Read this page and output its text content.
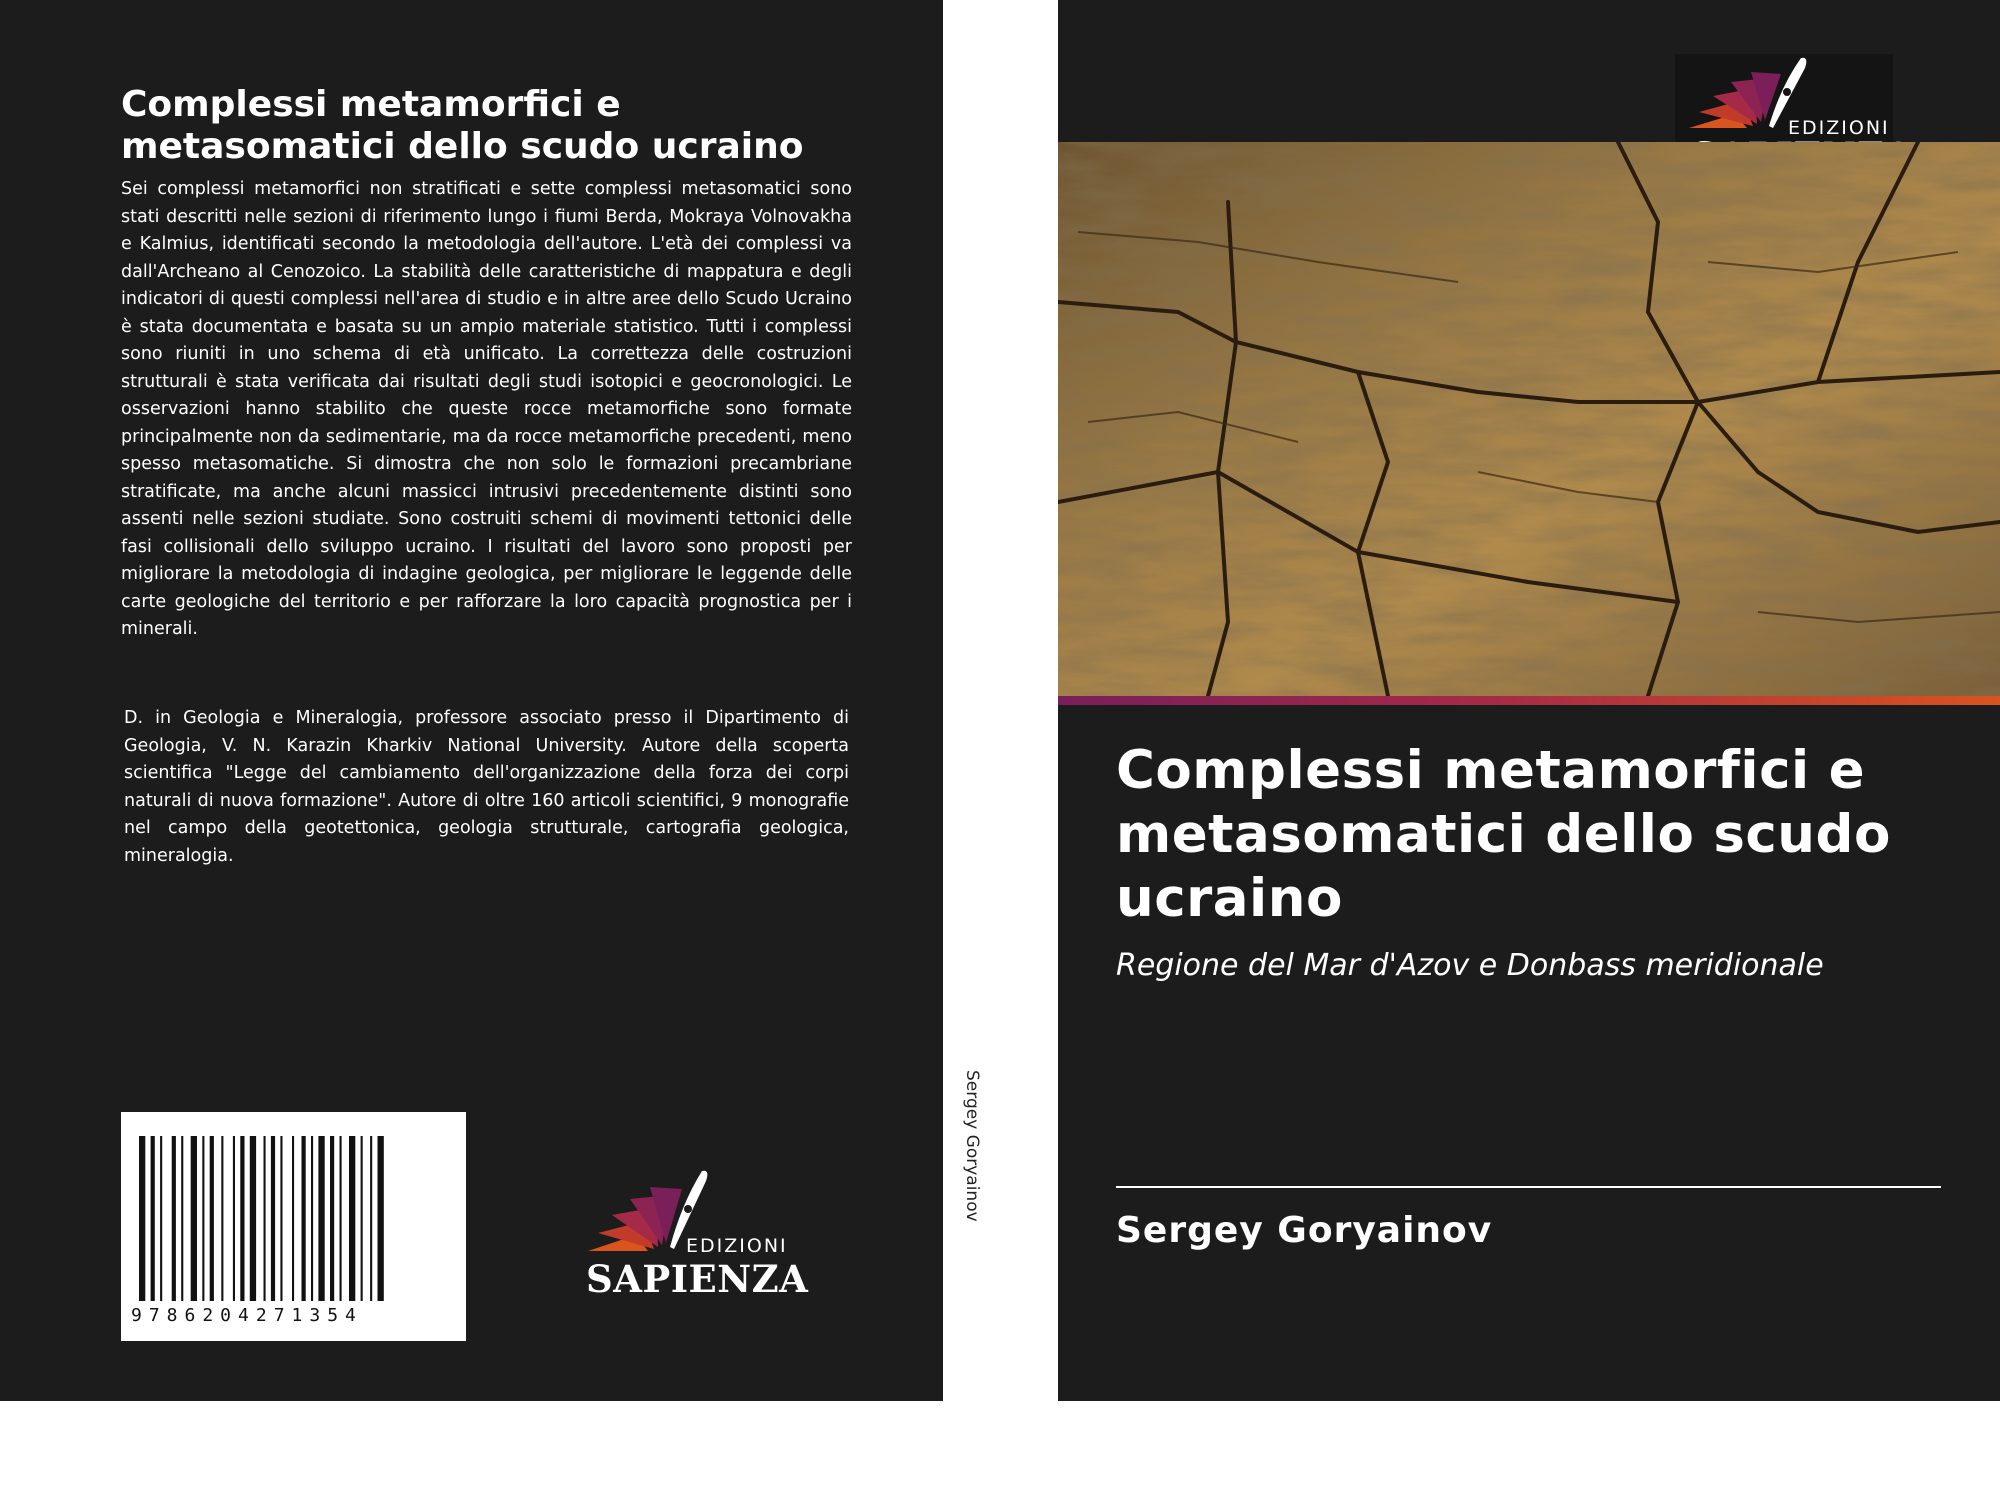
Complessi metamorfici e metasomatici dello scudo ucraino

Sei complessi metamorfici non stratificati e sette complessi metasomatici sono stati descritti nelle sezioni di riferimento lungo i fiumi Berda, Mokraya Volnovakha e Kalmius, identificati secondo la metodologia dell'autore. L'età dei complessi va dall'Archeano al Cenozoico. La stabilità delle caratteristiche di mappatura e degli indicatori di questi complessi nell'area di studio e in altre aree dello Scudo Ucraino è stata documentata e basata su un ampio materiale statistico. Tutti i complessi sono riuniti in uno schema di età unificato. La correttezza delle costruzioni strutturali è stata verificata dai risultati degli studi isotopici e geocronologici. Le osservazioni hanno stabilito che queste rocce metamorfiche sono formate principalmente non da sedimentarie, ma da rocce metamorfiche precedenti, meno spesso metasomatiche. Si dimostra che non solo le formazioni precambriane stratificate, ma anche alcuni massicci intrusivi precedentemente distinti sono assenti nelle sezioni studiate. Sono costruiti schemi di movimenti tettonici delle fasi collisionali dello sviluppo ucraino. I risultati del lavoro sono proposti per migliorare la metodologia di indagine geologica, per migliorare le leggende delle carte geologiche del territorio e per rafforzare la loro capacità prognostica per i minerali.

D. in Geologia e Mineralogia, professore associato presso il Dipartimento di Geologia, V. N. Karazin Kharkiv National University. Autore della scoperta scientifica "Legge del cambiamento dell'organizzazione della forza dei corpi naturali di nuova formazione". Autore di oltre 160 articoli scientifici, 9 monografie nel campo della geotettonica, geologia strutturale, cartografia geologica, mineralogia.

9786204271354
EDIZIONI
SAPIENZA
Sergey Goryainov
EDIZIONI
Complessi metamorfici e metasomatici dello scudo ucraino
Regione del Mar d'Azov e Donbass meridionale
Sergey Goryainov
